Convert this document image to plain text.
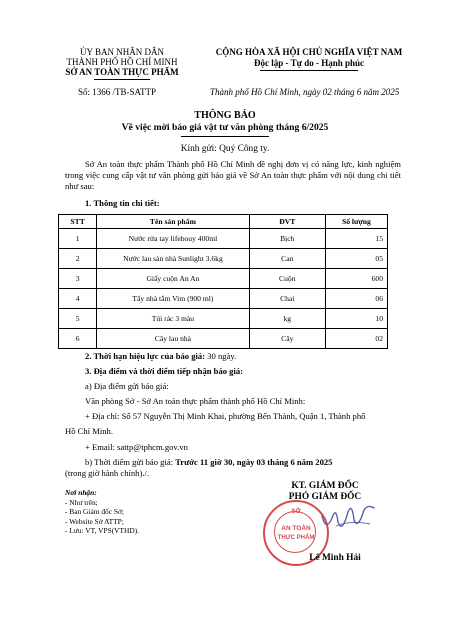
ỦY BAN NHÂN DÂN
THÀNH PHỐ HỒ CHÍ MINH
SỞ AN TOÀN THỰC PHẨM
CỘNG HÒA XÃ HỘI CHỦ NGHĨA VIỆT NAM
Độc lập - Tự do - Hạnh phúc
Số: 1366 /TB-SATTP	Thành phố Hồ Chí Minh, ngày 02 tháng 6 năm 2025
THÔNG BÁO
Về việc mời báo giá vật tư văn phòng tháng 6/2025
Kính gửi: Quý Công ty.
Sở An toàn thực phẩm Thành phố Hồ Chí Minh đề nghị đơn vị có năng lực, kinh nghiệm trong việc cung cấp vật tư văn phòng gửi báo giá về Sở An toàn thực phẩm với nội dung chi tiết như sau:
1. Thông tin chi tiết:
STT	Tên sản phẩm	ĐVT	Số lượng
1	Nước rửa tay lifebouy 400ml	Bịch	15
2	Nước lau sàn nhà Sunlight 3.6kg	Can	05
3	Giấy cuộn An An	Cuộn	600
4	Tẩy nhà tắm Vim (900 ml)	Chai	06
5	Túi rác 3 màu	kg	10
6	Cây lau nhà	Cây	02
2. Thời hạn hiệu lực của báo giá: 30 ngày.
3. Địa điểm và thời điểm tiếp nhận báo giá:
a) Địa điểm gửi báo giá:
Văn phòng Sở - Sở An toàn thực phẩm thành phố Hồ Chí Minh:
+ Địa chỉ: Số 57 Nguyễn Thị Minh Khai, phường Bến Thành, Quận 1, Thành phố
Hồ Chí Minh.
+ Email: sattp@tphcm.gov.vn
b) Thời điểm gửi báo giá: Trước 11 giờ 30, ngày 03 tháng 6 năm 2025
(trong giờ hành chính)./.
Nơi nhận:
- Như trên;
- Ban Giám đốc Sở;
- Website Sở ATTP;
- Lưu: VT, VPS(VTHD).
KT. GIÁM ĐỐC
PHÓ GIÁM ĐỐC
SỞ
AN TOÀN
THỰC PHẨM
Lê Minh Hải
